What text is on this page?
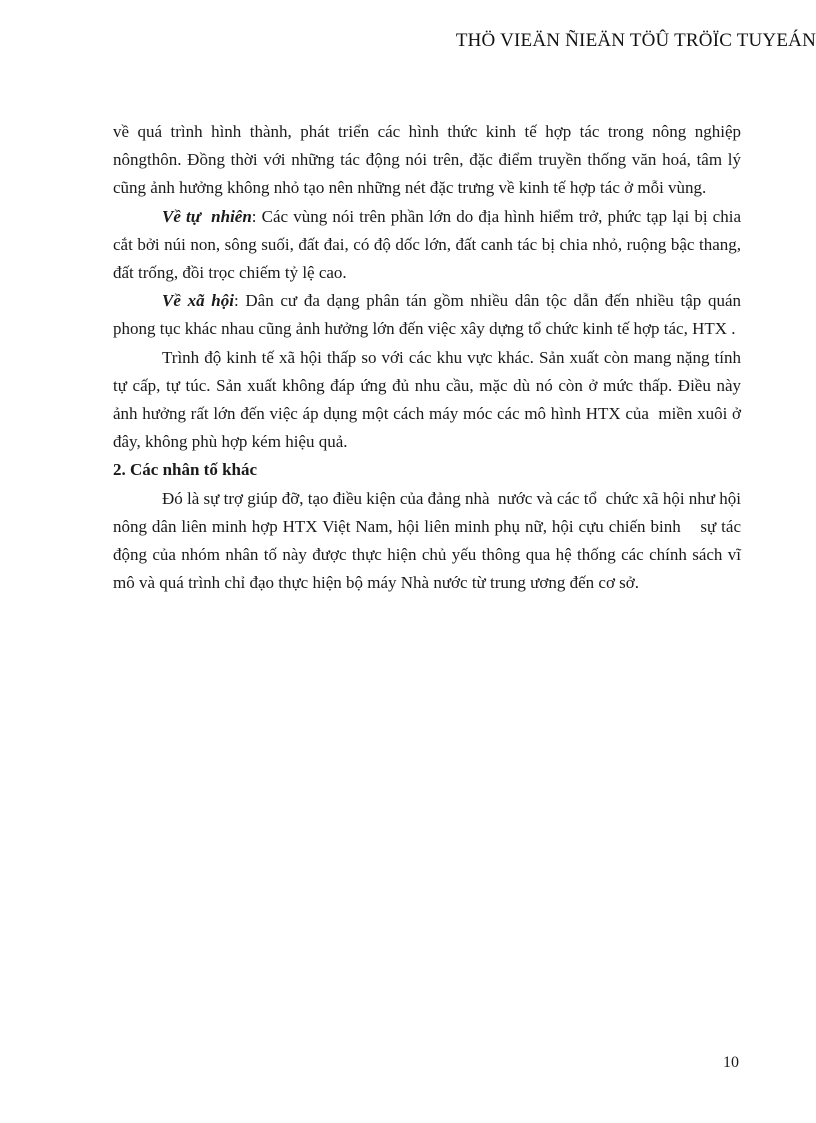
THÖ VIEÄN ÑIEÄN TÖÛ TRÖÏC TUYEÁN

về quá trình hình thành, phát triển các hình thức kinh tế hợp tác trong nông nghiệp nôngthôn. Đồng thời với những tác động nói trên, đặc điểm truyền thống văn hoá, tâm lý     cũng ảnh hưởng không nhỏ tạo nên những nét đặc trưng về kinh tế hợp tác ở mỗi vùng.

Về tự  nhiên: Các vùng nói trên phần lớn do địa hình hiểm trở, phức tạp lại bị chia cắt bởi núi non, sông suối, đất đai, có độ dốc lớn, đất canh tác bị chia nhỏ, ruộng bậc thang, đất trống, đồi trọc chiếm tỷ lệ cao.

Về xã hội: Dân cư đa dạng phân tán gồm nhiều dân tộc dẫn đến nhiều tập quán phong tục khác nhau cũng ảnh hưởng lớn đến việc xây dựng tổ chức kinh tế hợp tác, HTX .

Trình độ kinh tế xã hội thấp so với các khu vực khác. Sản xuất còn mang nặng tính tự cấp, tự túc. Sản xuất không đáp ứng đủ nhu cầu, mặc dù nó còn ở mức thấp. Điều này ảnh hưởng rất lớn đến việc áp dụng một cách máy móc các mô hình HTX của  miền xuôi ở đây, không phù hợp kém hiệu quả.

2. Các nhân tố khác

Đó là sự trợ giúp đỡ, tạo điều kiện của đảng nhà  nước và các tổ  chức xã hội như hội nông dân liên minh hợp HTX Việt Nam, hội liên minh phụ nữ, hội cựu chiến binh    sự tác động của nhóm nhân tố này được thực hiện chủ yếu thông qua hệ thống các chính sách vĩ mô và quá trình chỉ đạo thực hiện bộ máy Nhà nước từ trung ương đến cơ sở.

10
